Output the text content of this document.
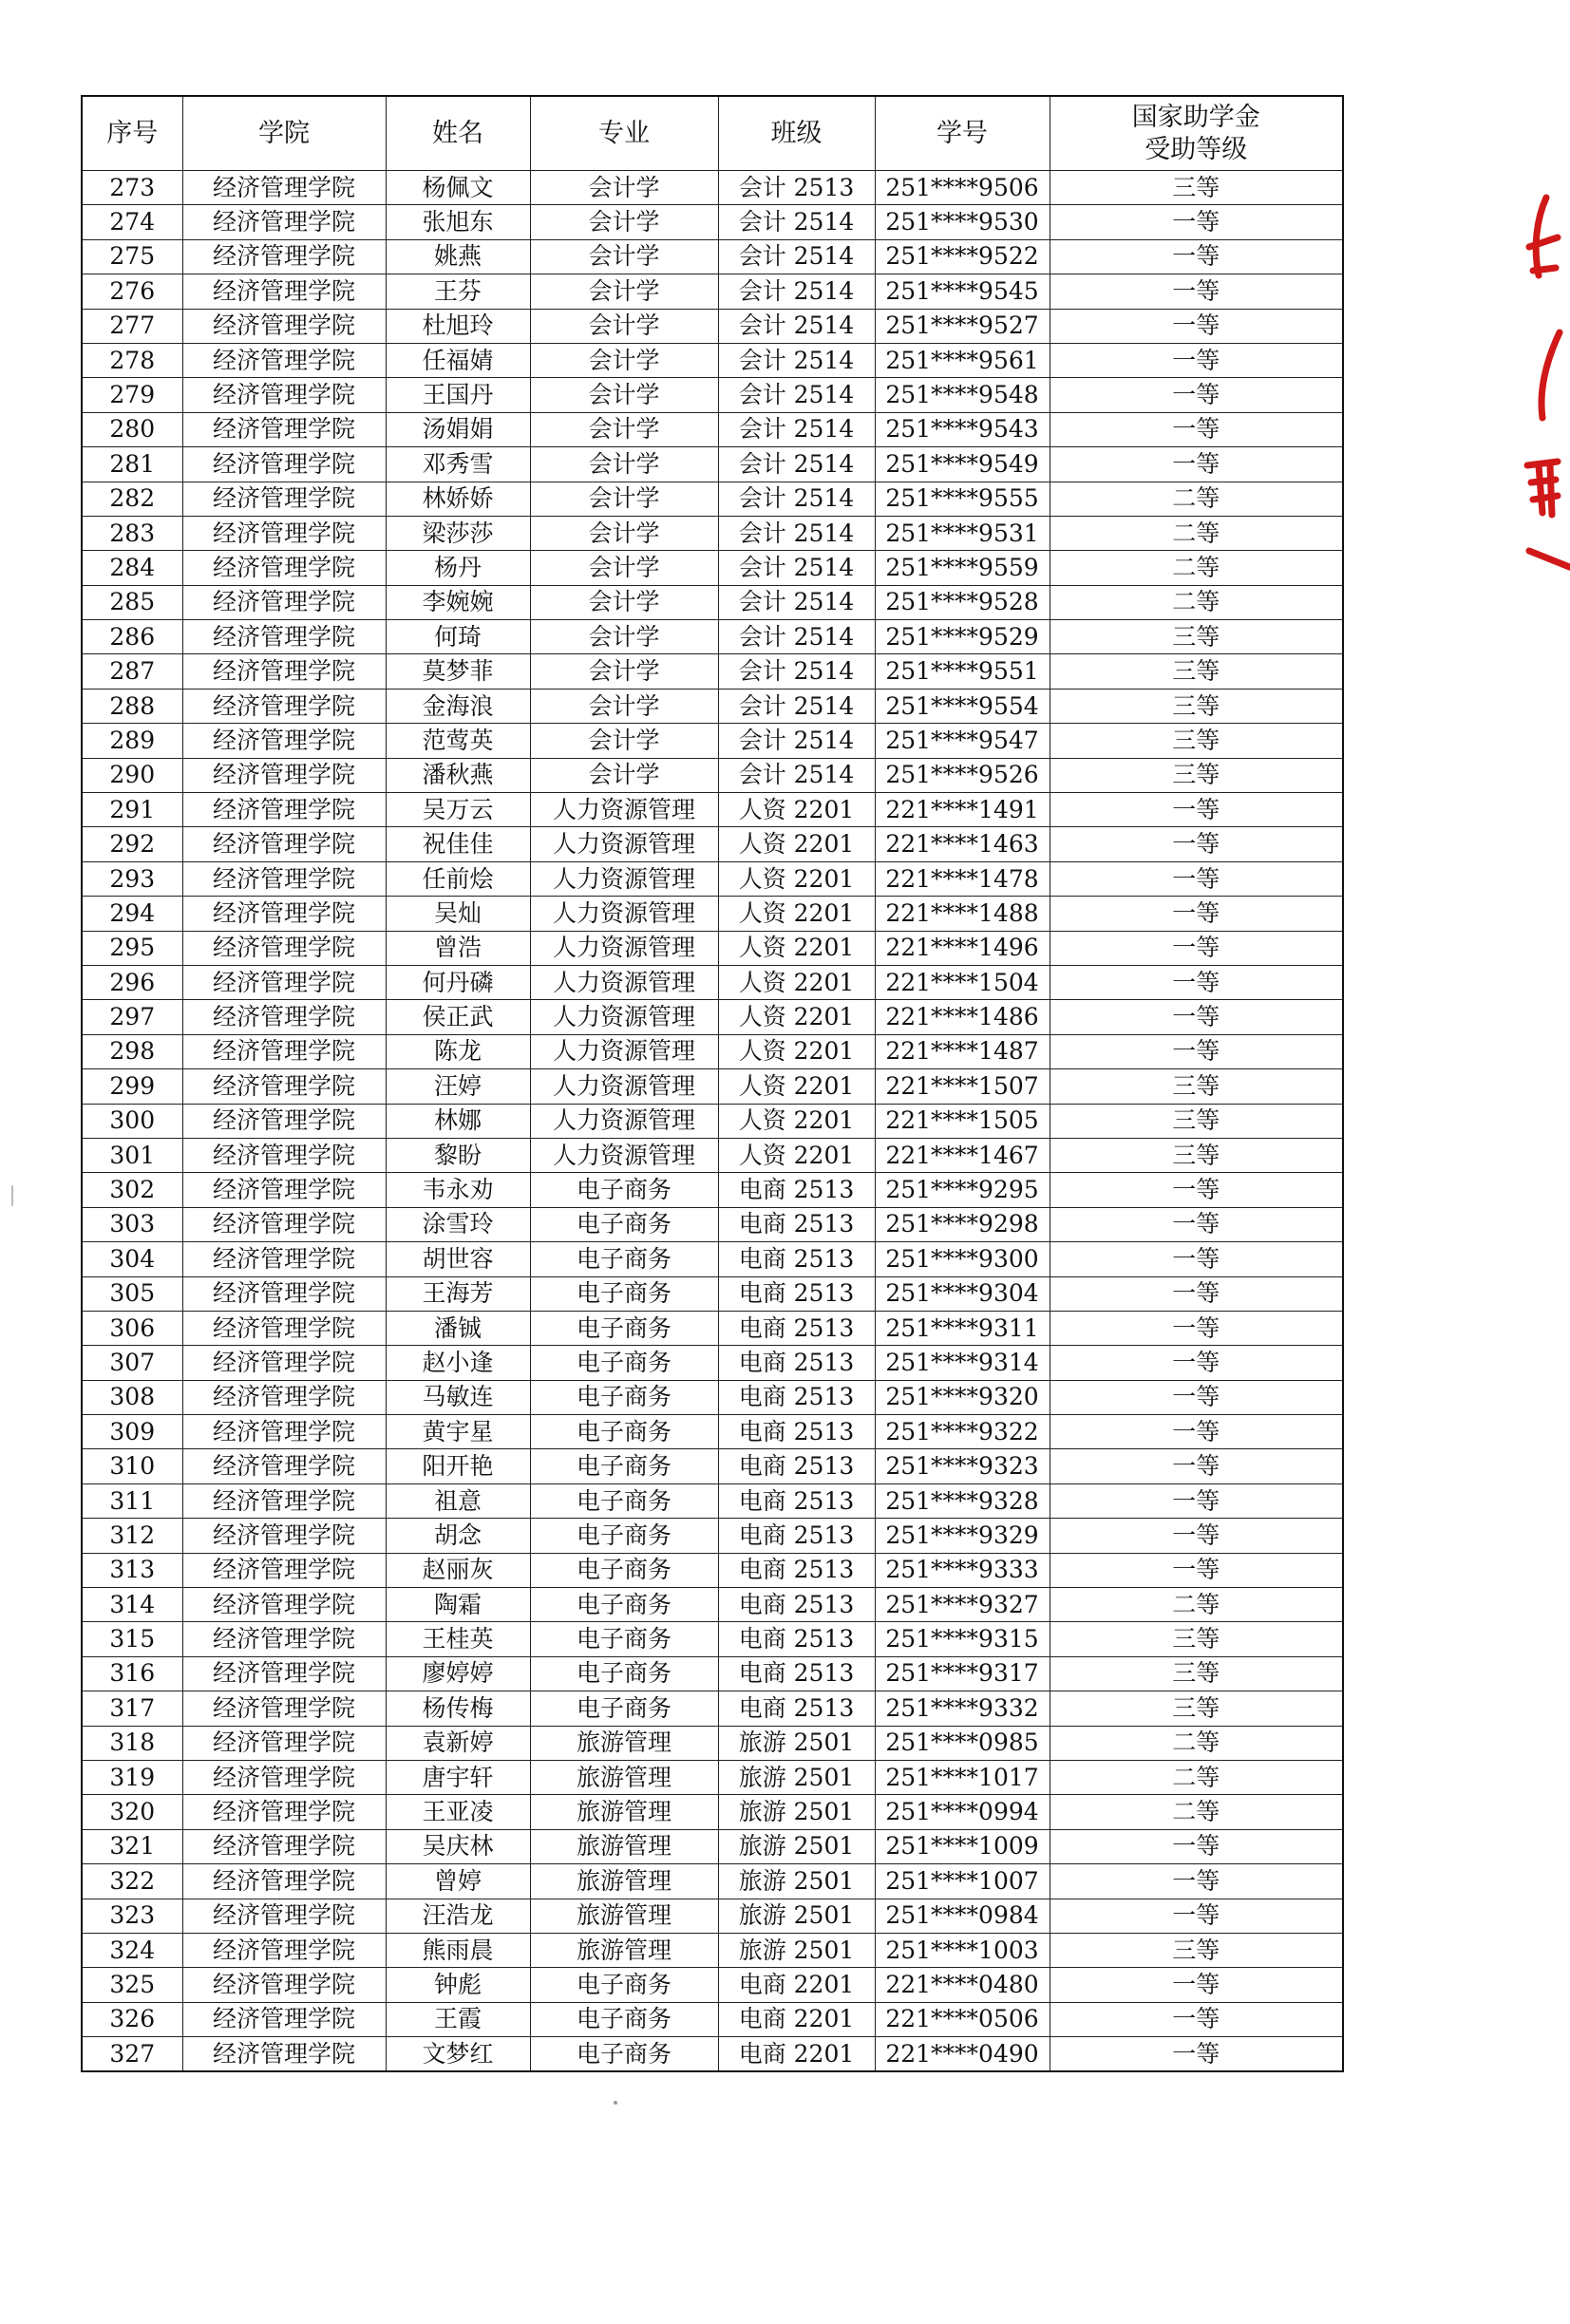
序号	学院	姓名	专业	班级	学号	国家助学金
受助等级

273	经济管理学院	杨佩文	会计学	会计 2513	251****9506	三等
274	经济管理学院	张旭东	会计学	会计 2514	251****9530	一等
275	经济管理学院	姚燕	会计学	会计 2514	251****9522	一等
276	经济管理学院	王芬	会计学	会计 2514	251****9545	一等
277	经济管理学院	杜旭玲	会计学	会计 2514	251****9527	一等
278	经济管理学院	任福婧	会计学	会计 2514	251****9561	一等
279	经济管理学院	王国丹	会计学	会计 2514	251****9548	一等
280	经济管理学院	汤娟娟	会计学	会计 2514	251****9543	一等
281	经济管理学院	邓秀雪	会计学	会计 2514	251****9549	一等
282	经济管理学院	林娇娇	会计学	会计 2514	251****9555	二等
283	经济管理学院	梁莎莎	会计学	会计 2514	251****9531	二等
284	经济管理学院	杨丹	会计学	会计 2514	251****9559	二等
285	经济管理学院	李婉婉	会计学	会计 2514	251****9528	二等
286	经济管理学院	何琦	会计学	会计 2514	251****9529	三等
287	经济管理学院	莫梦菲	会计学	会计 2514	251****9551	三等
288	经济管理学院	金海浪	会计学	会计 2514	251****9554	三等
289	经济管理学院	范莺英	会计学	会计 2514	251****9547	三等
290	经济管理学院	潘秋燕	会计学	会计 2514	251****9526	三等
291	经济管理学院	吴万云	人力资源管理	人资 2201	221****1491	一等
292	经济管理学院	祝佳佳	人力资源管理	人资 2201	221****1463	一等
293	经济管理学院	任前烩	人力资源管理	人资 2201	221****1478	一等
294	经济管理学院	吴灿	人力资源管理	人资 2201	221****1488	一等
295	经济管理学院	曾浩	人力资源管理	人资 2201	221****1496	一等
296	经济管理学院	何丹磷	人力资源管理	人资 2201	221****1504	一等
297	经济管理学院	侯正武	人力资源管理	人资 2201	221****1486	一等
298	经济管理学院	陈龙	人力资源管理	人资 2201	221****1487	一等
299	经济管理学院	汪婷	人力资源管理	人资 2201	221****1507	三等
300	经济管理学院	林娜	人力资源管理	人资 2201	221****1505	三等
301	经济管理学院	黎盼	人力资源管理	人资 2201	221****1467	三等
302	经济管理学院	韦永劝	电子商务	电商 2513	251****9295	一等
303	经济管理学院	涂雪玲	电子商务	电商 2513	251****9298	一等
304	经济管理学院	胡世容	电子商务	电商 2513	251****9300	一等
305	经济管理学院	王海芳	电子商务	电商 2513	251****9304	一等
306	经济管理学院	潘铖	电子商务	电商 2513	251****9311	一等
307	经济管理学院	赵小逢	电子商务	电商 2513	251****9314	一等
308	经济管理学院	马敏连	电子商务	电商 2513	251****9320	一等
309	经济管理学院	黄宇星	电子商务	电商 2513	251****9322	一等
310	经济管理学院	阳开艳	电子商务	电商 2513	251****9323	一等
311	经济管理学院	祖意	电子商务	电商 2513	251****9328	一等
312	经济管理学院	胡念	电子商务	电商 2513	251****9329	一等
313	经济管理学院	赵丽灰	电子商务	电商 2513	251****9333	一等
314	经济管理学院	陶霜	电子商务	电商 2513	251****9327	二等
315	经济管理学院	王桂英	电子商务	电商 2513	251****9315	三等
316	经济管理学院	廖婷婷	电子商务	电商 2513	251****9317	三等
317	经济管理学院	杨传梅	电子商务	电商 2513	251****9332	三等
318	经济管理学院	袁新婷	旅游管理	旅游 2501	251****0985	二等
319	经济管理学院	唐宇轩	旅游管理	旅游 2501	251****1017	二等
320	经济管理学院	王亚凌	旅游管理	旅游 2501	251****0994	二等
321	经济管理学院	吴庆林	旅游管理	旅游 2501	251****1009	一等
322	经济管理学院	曾婷	旅游管理	旅游 2501	251****1007	一等
323	经济管理学院	汪浩龙	旅游管理	旅游 2501	251****0984	一等
324	经济管理学院	熊雨晨	旅游管理	旅游 2501	251****1003	三等
325	经济管理学院	钟彪	电子商务	电商 2201	221****0480	一等
326	经济管理学院	王霞	电子商务	电商 2201	221****0506	一等
327	经济管理学院	文梦红	电子商务	电商 2201	221****0490	一等
